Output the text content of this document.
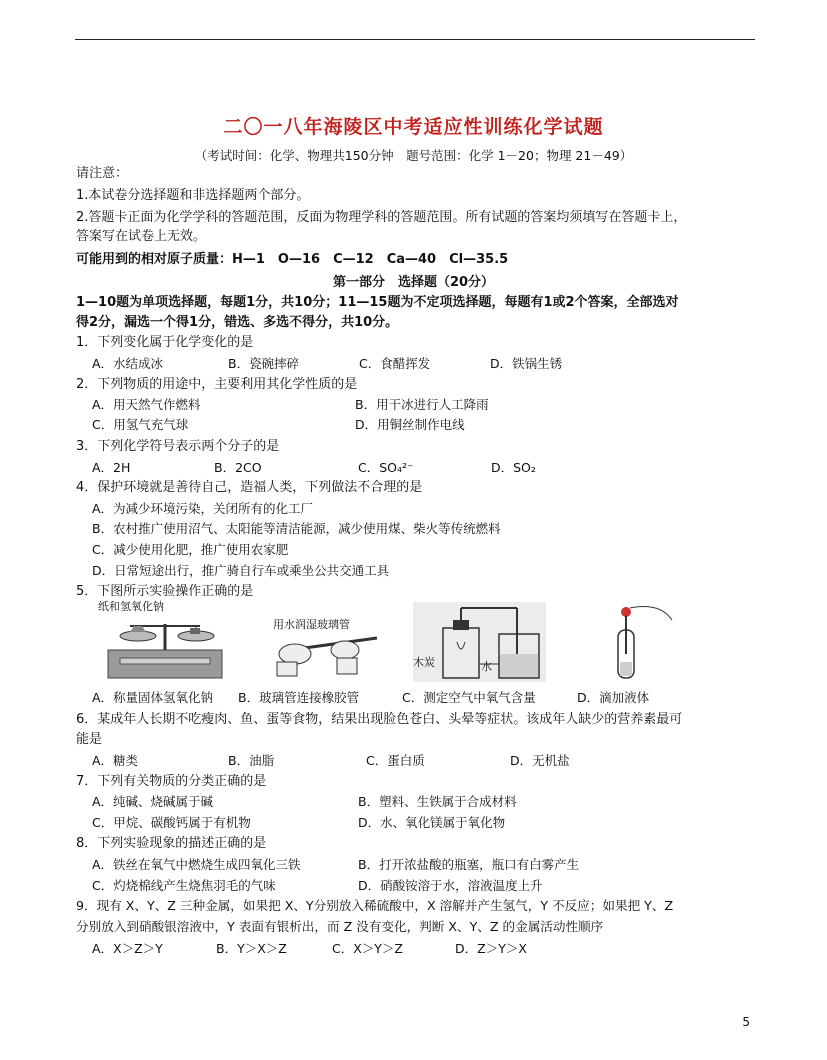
二〇一八年海陵区中考适应性训练化学试题
（考试时间：化学、物理共150分钟　题号范围：化学 1－20；物理 21－49）
请注意：
1.本试卷分选择题和非选择题两个部分。
2.答题卡正面为化学学科的答题范围，反面为物理学科的答题范围。所有试题的答案均须填写在答题卡上，
答案写在试卷上无效。
可能用到的相对原子质量：H—1　O—16　C—12　Ca—40　Cl—35.5
第一部分　选择题（20分）
1—10题为单项选择题，每题1分，共10分；11—15题为不定项选择题，每题有1或2个答案，全部选对
得2分，漏选一个得1分，错选、多选不得分，共10分。
1．下列变化属于化学变化的是
A．水结成冰	B．瓷碗摔碎	C．食醋挥发	D．铁锅生锈
2．下列物质的用途中，主要利用其化学性质的是
A．用天然气作燃料	B．用干冰进行人工降雨
C．用氢气充气球	D．用铜丝制作电线
3．下列化学符号表示两个分子的是
A．2H	B．2CO	C．SO₄²⁻	D．SO₂
4．保护环境就是善待自己，造福人类，下列做法不合理的是
A．为减少环境污染，关闭所有的化工厂
B．农村推广使用沼气、太阳能等清洁能源，减少使用煤、柴火等传统燃料
C．减少使用化肥，推广使用农家肥
D．日常短途出行，推广骑自行车或乘坐公共交通工具
5．下图所示实验操作正确的是
纸和氢氧化钠
用水润湿玻璃管
木炭	水
A．称量固体氢氧化钠 B．玻璃管连接橡胶管	C．测定空气中氧气含量	D．滴加液体
6．某成年人长期不吃瘦肉、鱼、蛋等食物，结果出现脸色苍白、头晕等症状。该成年人缺少的营养素最可
能是
A．糖类	B．油脂	C．蛋白质	D．无机盐
7．下列有关物质的分类正确的是
A．纯碱、烧碱属于碱	B．塑料、生铁属于合成材料
C．甲烷、碳酸钙属于有机物	D．水、氧化镁属于氧化物
8．下列实验现象的描述正确的是
A．铁丝在氧气中燃烧生成四氧化三铁	B．打开浓盐酸的瓶塞，瓶口有白雾产生
C．灼烧棉线产生烧焦羽毛的气味	D．硝酸铵溶于水，溶液温度上升
9．现有 X、Y、Z 三种金属，如果把 X、Y分别放入稀硫酸中，X 溶解并产生氢气，Y 不反应；如果把 Y、Z
分别放入到硝酸银溶液中，Y 表面有银析出，而 Z 没有变化，判断 X、Y、Z 的金属活动性顺序
A．X＞Z＞Y	B．Y＞X＞Z	C．X＞Y＞Z	D．Z＞Y＞X
5
